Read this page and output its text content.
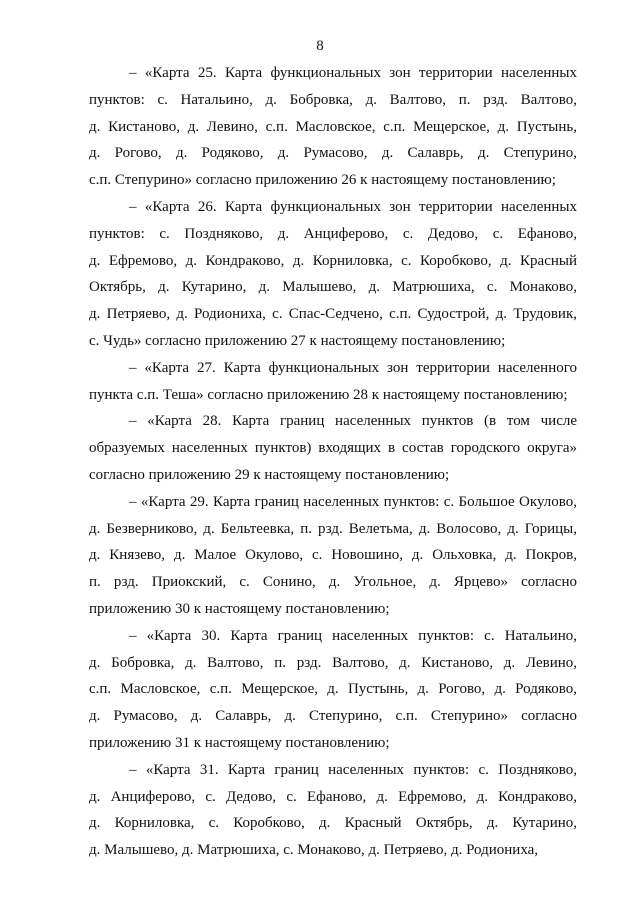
8
– «Карта 25. Карта функциональных зон территории населенных
пунктов: с. Натальино, д. Бобровка, д. Валтово, п. рзд. Валтово,
д. Кистаново, д. Левино, с.п. Масловское, с.п. Мещерское, д. Пустынь,
д. Рогово, д. Родяково, д. Румасово, д. Салаврь, д. Степурино,
с.п. Степурино» согласно приложению 26 к настоящему постановлению;
– «Карта 26. Карта функциональных зон территории населенных
пунктов: с. Поздняково, д. Анциферово, с. Дедово, с. Ефаново,
д. Ефремово, д. Кондраково, д. Корниловка, с. Коробково, д. Красный
Октябрь, д. Кутарино, д. Малышево, д. Матрюшиха, с. Монаково,
д. Петряево, д. Родиониха, с. Спас-Седчено, с.п. Судострой, д. Трудовик,
с. Чудь» согласно приложению 27 к настоящему постановлению;
– «Карта 27. Карта функциональных зон территории населенного
пункта с.п. Теша» согласно приложению 28 к настоящему постановлению;
– «Карта 28. Карта границ населенных пунктов (в том числе
образуемых населенных пунктов) входящих в состав городского округа»
согласно приложению 29 к настоящему постановлению;
– «Карта 29. Карта границ населенных пунктов: с. Большое Окулово,
д. Безверниково, д. Бельтеевка, п. рзд. Велетьма, д. Волосово, д. Горицы,
д. Князево, д. Малое Окулово, с. Новошино, д. Ольховка, д. Покров,
п. рзд. Приокский, с. Сонино, д. Угольное, д. Ярцево» согласно
приложению 30 к настоящему постановлению;
– «Карта 30. Карта границ населенных пунктов: с. Натальино,
д. Бобровка, д. Валтово, п. рзд. Валтово, д. Кистаново, д. Левино,
с.п. Масловское, с.п. Мещерское, д. Пустынь, д. Рогово, д. Родяково,
д. Румасово, д. Салаврь, д. Степурино, с.п. Степурино» согласно
приложению 31 к настоящему постановлению;
– «Карта 31. Карта границ населенных пунктов: с. Поздняково,
д. Анциферово, с. Дедово, с. Ефаново, д. Ефремово, д. Кондраково,
д. Корниловка, с. Коробково, д. Красный Октябрь, д. Кутарино,
д. Малышево, д. Матрюшиха, с. Монаково, д. Петряево, д. Родиониха,
